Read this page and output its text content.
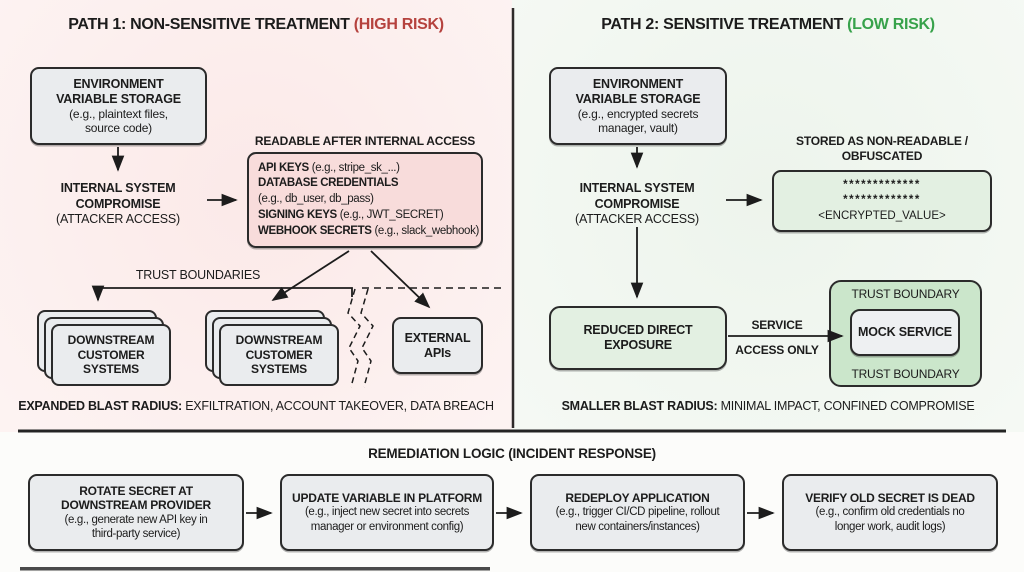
PATH 1: NON-SENSITIVE TREATMENT (HIGH RISK)
ENVIRONMENT
VARIABLE STORAGE
(e.g., plaintext files,
source code)
INTERNAL SYSTEM
COMPROMISE
(ATTACKER ACCESS)
READABLE AFTER INTERNAL ACCESS
API KEYS (e.g., stripe_sk_...)
DATABASE CREDENTIALS
(e.g., db_user, db_pass)
SIGNING KEYS (e.g., JWT_SECRET)
WEBHOOK SECRETS (e.g., slack_webhook)
TRUST BOUNDARIES
DOWNSTREAM
CUSTOMER
SYSTEMS
DOWNSTREAM
CUSTOMER
SYSTEMS
EXTERNAL
APIs
EXPANDED BLAST RADIUS: EXFILTRATION, ACCOUNT TAKEOVER, DATA BREACH
PATH 2: SENSITIVE TREATMENT (LOW RISK)
ENVIRONMENT
VARIABLE STORAGE
(e.g., encrypted secrets
manager, vault)
INTERNAL SYSTEM
COMPROMISE
(ATTACKER ACCESS)
STORED AS NON-READABLE /
OBFUSCATED
*************
*************
<ENCRYPTED_VALUE>
REDUCED DIRECT
EXPOSURE
SERVICE
ACCESS ONLY
TRUST BOUNDARY
MOCK SERVICE
TRUST BOUNDARY
SMALLER BLAST RADIUS: MINIMAL IMPACT, CONFINED COMPROMISE
REMEDIATION LOGIC (INCIDENT RESPONSE)
ROTATE SECRET AT
DOWNSTREAM PROVIDER
(e.g., generate new API key in
third-party service)
UPDATE VARIABLE IN PLATFORM
(e.g., inject new secret into secrets
manager or environment config)
REDEPLOY APPLICATION
(e.g., trigger CI/CD pipeline, rollout
new containers/instances)
VERIFY OLD SECRET IS DEAD
(e.g., confirm old credentials no
longer work, audit logs)
